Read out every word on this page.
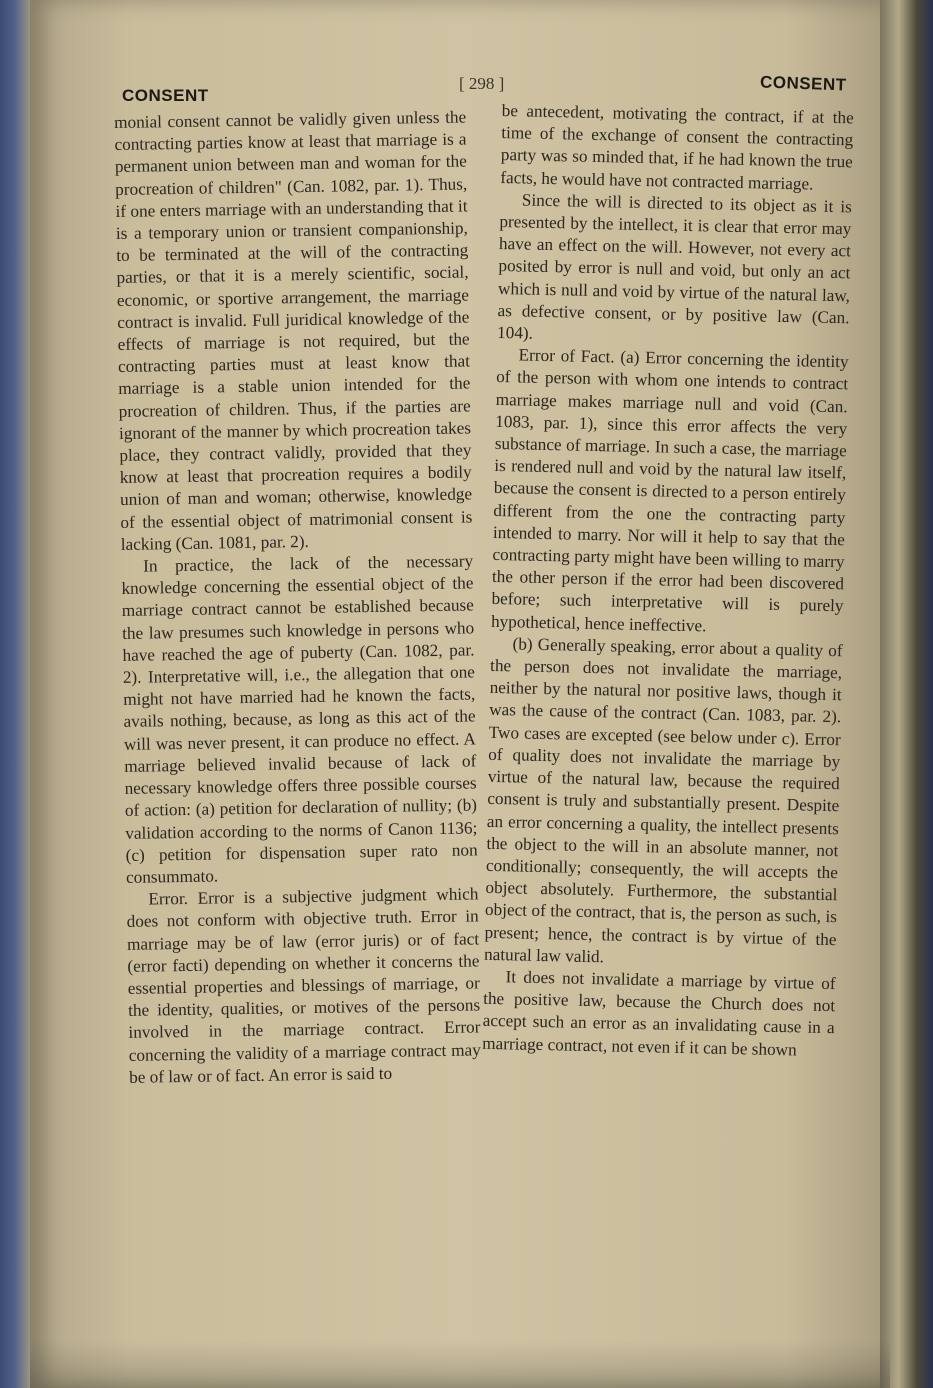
CONSENT
[ 298 ]	CONSENT

monial consent cannot be validly given unless the contracting parties know at least that marriage is a permanent union between man and woman for the procreation of children" (Can. 1082, par. 1). Thus, if one enters marriage with an understanding that it is a temporary union or transient companionship, to be terminated at the will of the contracting parties, or that it is a merely scientific, social, economic, or sportive arrangement, the marriage contract is invalid. Full juridical knowledge of the effects of marriage is not required, but the contracting parties must at least know that marriage is a stable union intended for the procreation of children. Thus, if the parties are ignorant of the manner by which procreation takes place, they contract validly, provided that they know at least that procreation requires a bodily union of man and woman; otherwise, knowledge of the essential object of matrimonial consent is lacking (Can. 1081, par. 2).

In practice, the lack of the necessary knowledge concerning the essential object of the marriage contract cannot be established because the law presumes such knowledge in persons who have reached the age of puberty (Can. 1082, par. 2). Interpretative will, i.e., the allegation that one might not have married had he known the facts, avails nothing, because, as long as this act of the will was never present, it can produce no effect. A marriage believed invalid because of lack of necessary knowledge offers three possible courses of action: (a) petition for declaration of nullity; (b) validation according to the norms of Canon 1136; (c) petition for dispensation super rato non consummato.

Error. Error is a subjective judgment which does not conform with objective truth. Error in marriage may be of law (error juris) or of fact (error facti) depending on whether it concerns the essential properties and blessings of marriage, or the identity, qualities, or motives of the persons involved in the marriage contract. Error concerning the validity of a marriage contract may be of law or of fact. An error is said to

be antecedent, motivating the contract, if at the time of the exchange of consent the contracting party was so minded that, if he had known the true facts, he would have not contracted marriage.

Since the will is directed to its object as it is presented by the intellect, it is clear that error may have an effect on the will. However, not every act posited by error is null and void, but only an act which is null and void by virtue of the natural law, as defective consent, or by positive law (Can. 104).

Error of Fact. (a) Error concerning the identity of the person with whom one intends to contract marriage makes marriage null and void (Can. 1083, par. 1), since this error affects the very substance of marriage. In such a case, the marriage is rendered null and void by the natural law itself, because the consent is directed to a person entirely different from the one the contracting party intended to marry. Nor will it help to say that the contracting party might have been willing to marry the other person if the error had been discovered before; such interpretative will is purely hypothetical, hence ineffective.

(b) Generally speaking, error about a quality of the person does not invalidate the marriage, neither by the natural nor positive laws, though it was the cause of the contract (Can. 1083, par. 2). Two cases are excepted (see below under c). Error of quality does not invalidate the marriage by virtue of the natural law, because the required consent is truly and substantially present. Despite an error concerning a quality, the intellect presents the object to the will in an absolute manner, not conditionally; consequently, the will accepts the object absolutely. Furthermore, the substantial object of the contract, that is, the person as such, is present; hence, the contract is by virtue of the natural law valid.

It does not invalidate a marriage by virtue of the positive law, because the Church does not accept such an error as an invalidating cause in a marriage contract, not even if it can be shown
